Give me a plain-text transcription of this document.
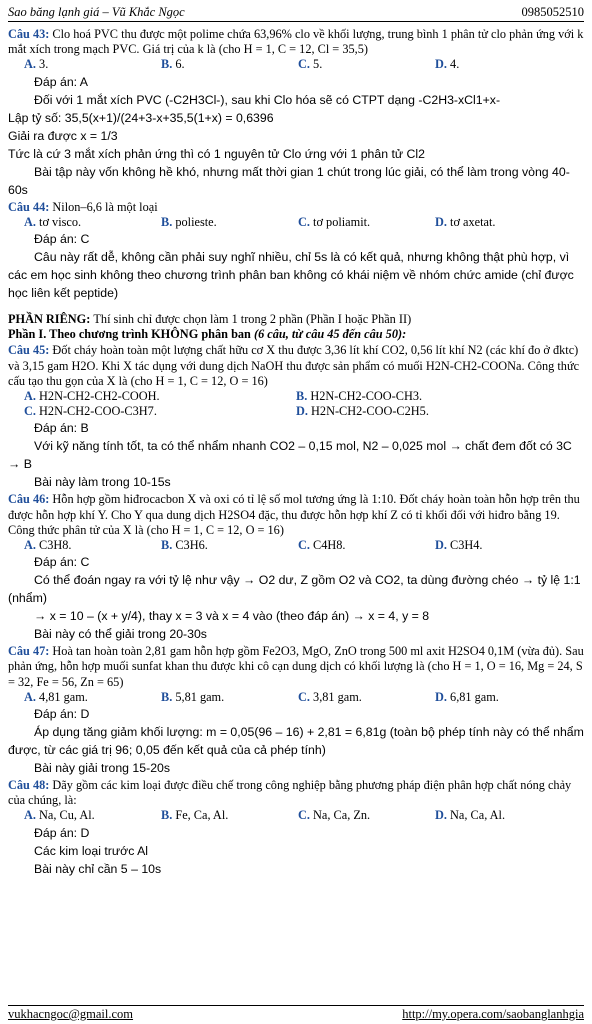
Sao băng lạnh giá – Vũ Khắc Ngọc	0985052510

Câu 43: Clo hoá PVC thu được một polime chứa 63,96% clo về khối lượng, trung bình 1 phân tử clo phản ứng với k mắt xích trong mạch PVC. Giá trị của k là (cho H = 1, C = 12, Cl = 35,5)

A. 3.	B. 6.	C. 5.	D. 4.

Đáp án: A

Đối với 1 mắt xích PVC (-C2H3Cl-), sau khi Clo hóa sẽ có CTPT dạng -C2H3-xCl1+x-

Lập tỷ số: 35,5(x+1)/(24+3-x+35,5(1+x) = 0,6396

Giải ra được x = 1/3

Tức là cứ 3 mắt xích phản ứng thì có 1 nguyên tử Clo ứng với 1 phân tử Cl2

Bài tập này vốn không hề khó, nhưng mất thời gian 1 chút trong lúc giải, có thể làm trong vòng 40-60s

Câu 44: Nilon–6,6 là một loại

A. tơ visco.	B. polieste.	C. tơ poliamit.	D. tơ axetat.

Đáp án: C

Câu này rất dễ, không cần phải suy nghĩ nhiều, chỉ 5s là có kết quả, nhưng không thật phù hợp, vì các em học sinh không theo chương trình phân ban không có khái niệm về nhóm chức amide (chỉ được học liên kết peptide)

PHẦN RIÊNG: Thí sinh chỉ được chọn làm 1 trong 2 phần (Phần I hoặc Phần II)

Phần I. Theo chương trình KHÔNG phân ban (6 câu, từ câu 45 đến câu 50):

Câu 45: Đốt cháy hoàn toàn một lượng chất hữu cơ X thu được 3,36 lít khí CO2, 0,56 lít khí N2 (các khí đo ở đktc) và 3,15 gam H2O. Khi X tác dụng với dung dịch NaOH thu được sản phẩm có muối H2N-CH2-COONa. Công thức cấu tạo thu gọn của X là (cho H = 1, C = 12, O = 16)

A. H2N-CH2-CH2-COOH.	B. H2N-CH2-COO-CH3.
C. H2N-CH2-COO-C3H7.	D. H2N-CH2-COO-C2H5.

Đáp án: B

Với kỹ năng tính tốt, ta có thể nhẩm nhanh CO2 – 0,15 mol, N2 – 0,025 mol → chất đem đốt có 3C → B

Bài này làm trong 10-15s

Câu 46: Hỗn hợp gồm hiđrocacbon X và oxi có tỉ lệ số mol tương ứng là 1:10. Đốt cháy hoàn toàn hỗn hợp trên thu được hỗn hợp khí Y. Cho Y qua dung dịch H2SO4 đặc, thu được hỗn hợp khí Z có tỉ khối đối với hiđro bằng 19. Công thức phân tử của X là (cho H = 1, C = 12, O = 16)

A. C3H8.	B. C3H6.	C. C4H8.	D. C3H4.

Đáp án: C

Có thể đoán ngay ra với tỷ lệ như vậy → O2 dư, Z gồm O2 và CO2, ta dùng đường chéo → tỷ lệ 1:1 (nhẩm)

→ x = 10 – (x + y/4), thay x = 3 và x = 4 vào (theo đáp án) → x = 4, y = 8

Bài này có thể giải trong 20-30s

Câu 47: Hoà tan hoàn toàn 2,81 gam hỗn hợp gồm Fe2O3, MgO, ZnO trong 500 ml axit H2SO4 0,1M (vừa đủ). Sau phản ứng, hỗn hợp muối sunfat khan thu được khi cô cạn dung dịch có khối lượng là (cho H = 1, O = 16, Mg = 24, S = 32, Fe = 56, Zn = 65)

A. 4,81 gam.	B. 5,81 gam.	C. 3,81 gam.	D. 6,81 gam.

Đáp án: D

Áp dụng tăng giảm khối lượng: m = 0,05(96 – 16) + 2,81 = 6,81g (toàn bộ phép tính này có thể nhẩm được, từ các giá trị 96; 0,05 đến kết quả của cả phép tính)

Bài này giải trong 15-20s

Câu 48: Dãy gồm các kim loại được điều chế trong công nghiệp bằng phương pháp điện phân hợp chất nóng chảy của chúng, là:

A. Na, Cu, Al.	B. Fe, Ca, Al.	C. Na, Ca, Zn.	D. Na, Ca, Al.

Đáp án: D

Các kim loại trước Al

Bài này chỉ cần 5 – 10s

vukhacngoc@gmail.com	http://my.opera.com/saobanglanhgia
